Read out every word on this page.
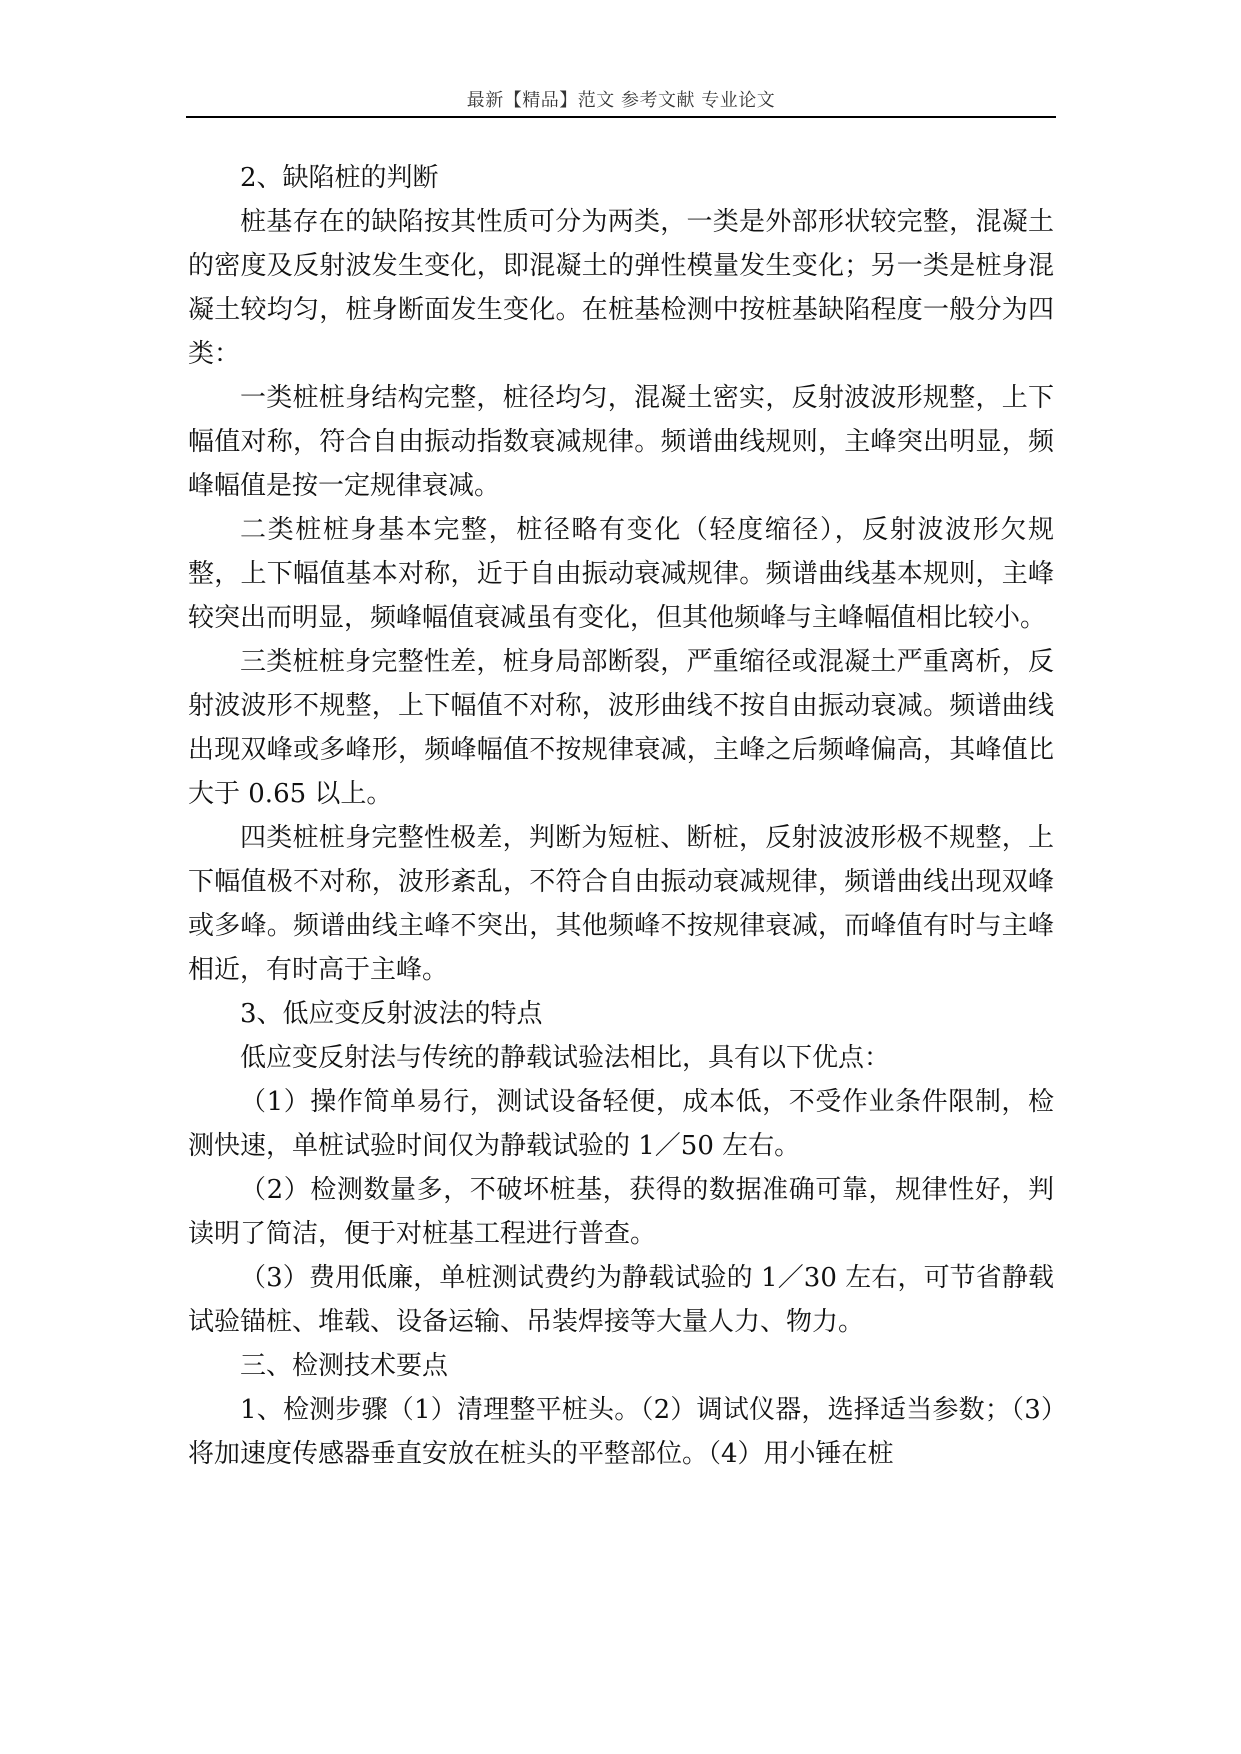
最新【精品】范文 参考文献 专业论文

2、缺陷桩的判断

桩基存在的缺陷按其性质可分为两类，一类是外部形状较完整，混凝土的密度及反射波发生变化，即混凝土的弹性模量发生变化；另一类是桩身混凝土较均匀，桩身断面发生变化。在桩基检测中按桩基缺陷程度一般分为四类：

一类桩桩身结构完整，桩径均匀，混凝土密实，反射波波形规整，上下幅值对称，符合自由振动指数衰减规律。频谱曲线规则，主峰突出明显，频峰幅值是按一定规律衰减。

二类桩桩身基本完整，桩径略有变化（轻度缩径），反射波波形欠规整，上下幅值基本对称，近于自由振动衰减规律。频谱曲线基本规则，主峰较突出而明显，频峰幅值衰减虽有变化，但其他频峰与主峰幅值相比较小。

三类桩桩身完整性差，桩身局部断裂，严重缩径或混凝土严重离析，反射波波形不规整，上下幅值不对称，波形曲线不按自由振动衰减。频谱曲线出现双峰或多峰形，频峰幅值不按规律衰减，主峰之后频峰偏高，其峰值比大于 0.65 以上。

四类桩桩身完整性极差，判断为短桩、断桩，反射波波形极不规整，上下幅值极不对称，波形紊乱，不符合自由振动衰减规律，频谱曲线出现双峰或多峰。频谱曲线主峰不突出，其他频峰不按规律衰减，而峰值有时与主峰相近，有时高于主峰。

3、低应变反射波法的特点

低应变反射法与传统的静载试验法相比，具有以下优点：

（1）操作简单易行，测试设备轻便，成本低，不受作业条件限制，检测快速，单桩试验时间仅为静载试验的 1／50 左右。

（2）检测数量多，不破坏桩基，获得的数据准确可靠，规律性好，判读明了简洁，便于对桩基工程进行普查。

（3）费用低廉，单桩测试费约为静载试验的 1／30 左右，可节省静载试验锚桩、堆载、设备运输、吊装焊接等大量人力、物力。

三、检测技术要点

1、检测步骤（1）清理整平桩头。（2）调试仪器，选择适当参数；（3）将加速度传感器垂直安放在桩头的平整部位。（4）用小锤在桩
